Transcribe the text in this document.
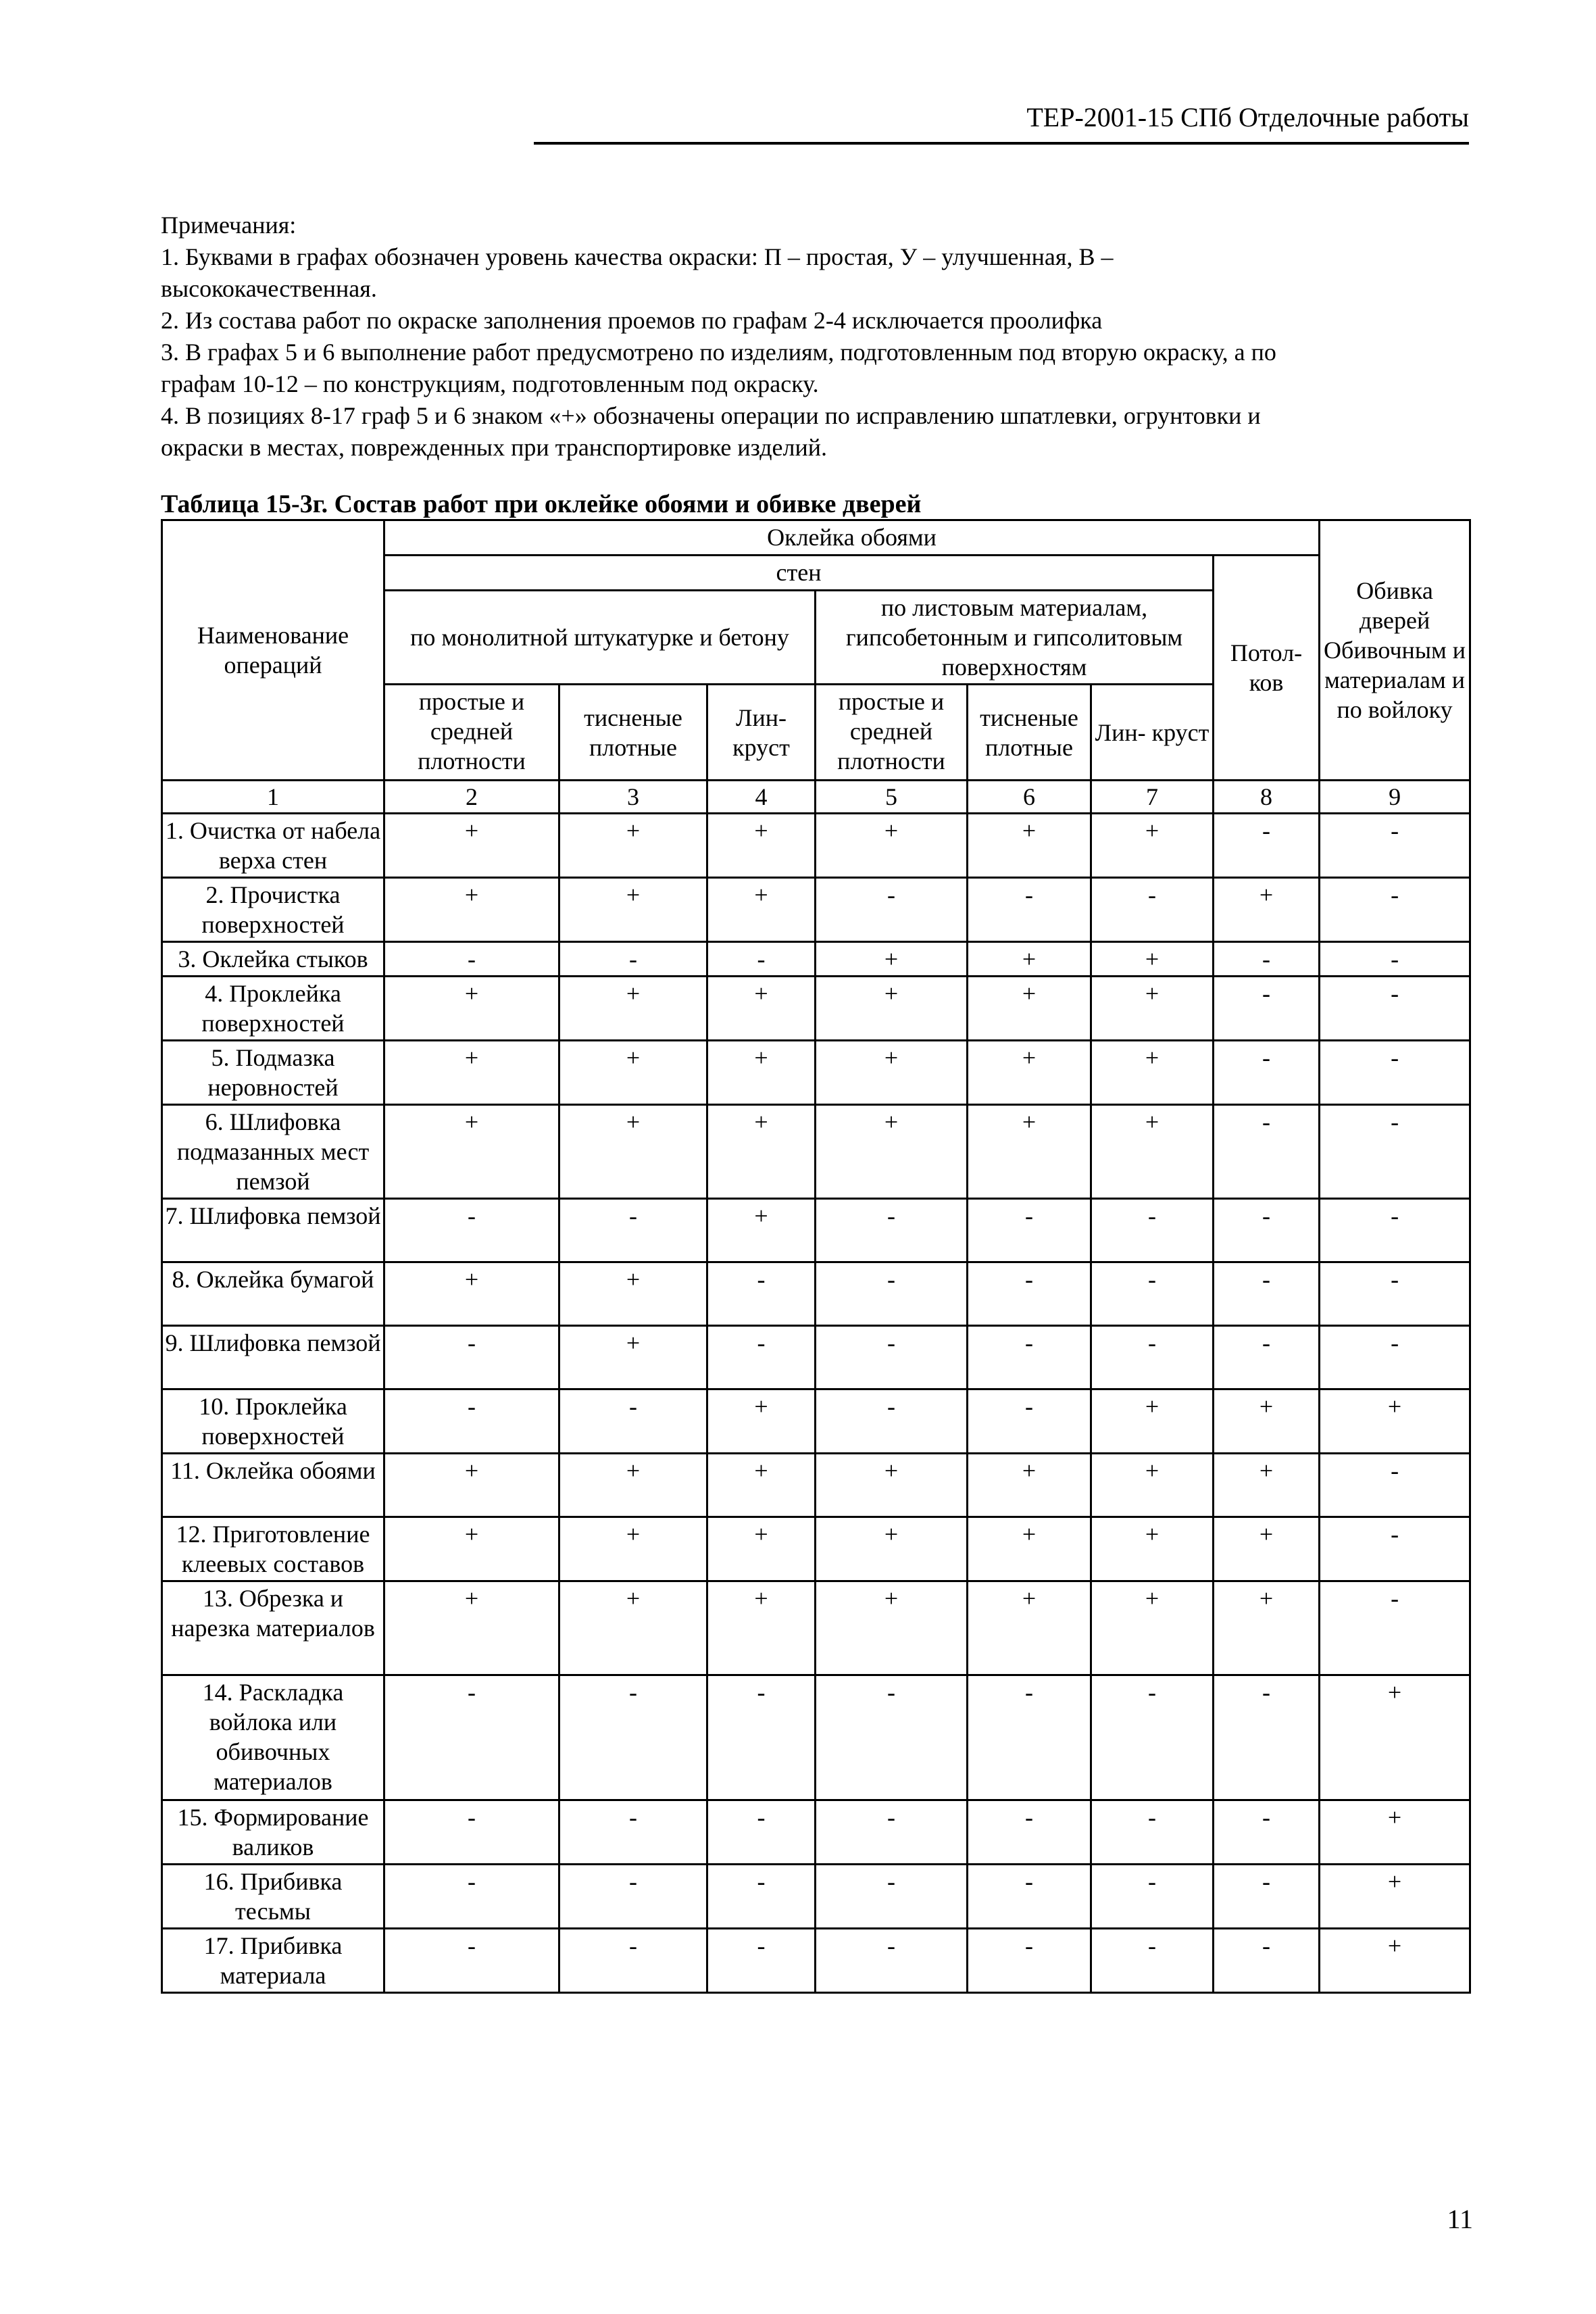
ТЕР-2001-15 СПб Отделочные работы
Примечания:
1. Буквами в графах обозначен уровень качества окраски: П – простая, У – улучшенная, В –
высококачественная.
2. Из состава работ по окраске заполнения проемов по графам 2-4 исключается проолифка
3. В графах 5 и 6 выполнение работ предусмотрено по изделиям, подготовленным под вторую окраску, а по
графам 10-12 – по конструкциям, подготовленным под окраску.
4. В позициях 8-17 граф 5 и 6 знаком «+» обозначены операции по исправлению шпатлевки, огрунтовки и
окраски в местах, поврежденных при транспортировке изделий.
Таблица 15-3г. Состав работ при оклейке обоями и обивке дверей
Наименование операций	Оклейка обоями							Обивка дверей Обивочным и материалам и по войлоку
	стен						Потол- ков	
	по монолитной штукатурке и бетону			по листовым материалам, гипсобетонным и гипсолитовым поверхностям				
	простые и средней плотности	тисненые плотные	Лин- круст	простые и средней плотности	тисненые плотные	Лин- круст		
1	2	3	4	5	6	7	8	9
1. Очистка от набела верха стен	+	+	+	+	+	+	-	-
2. Прочистка поверхностей	+	+	+	-	-	-	+	-
3. Оклейка стыков	-	-	-	+	+	+	-	-
4. Проклейка поверхностей	+	+	+	+	+	+	-	-
5. Подмазка неровностей	+	+	+	+	+	+	-	-
6. Шлифовка подмазанных мест пемзой	+	+	+	+	+	+	-	-
7. Шлифовка пемзой	-	-	+	-	-	-	-	-
8. Оклейка бумагой	+	+	-	-	-	-	-	-
9. Шлифовка пемзой	-	+	-	-	-	-	-	-
10. Проклейка поверхностей	-	-	+	-	-	+	+	+
11. Оклейка обоями	+	+	+	+	+	+	+	-
12. Приготовление клеевых составов	+	+	+	+	+	+	+	-
13. Обрезка и нарезка материалов	+	+	+	+	+	+	+	-
14. Раскладка войлока или обивочных материалов	-	-	-	-	-	-	-	+
15. Формирование валиков	-	-	-	-	-	-	-	+
16. Прибивка тесьмы	-	-	-	-	-	-	-	+
17. Прибивка материала	-	-	-	-	-	-	-	+
11
